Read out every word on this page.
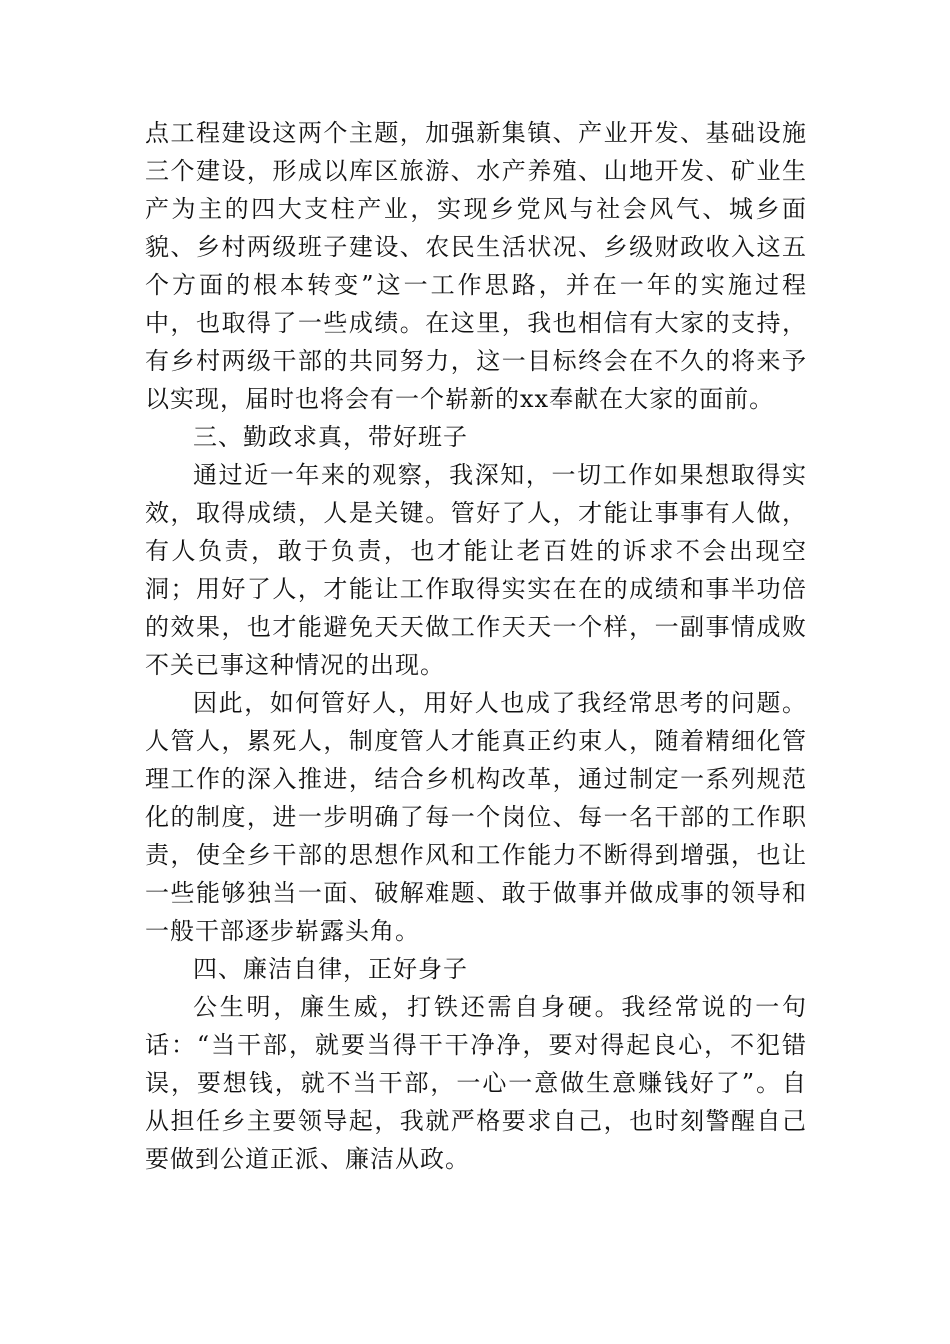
点工程建设这两个主题，加强新集镇、产业开发、基础设施三个建设，形成以库区旅游、水产养殖、山地开发、矿业生产为主的四大支柱产业，实现乡党风与社会风气、城乡面貌、乡村两级班子建设、农民生活状况、乡级财政收入这五个方面的根本转变”这一工作思路，并在一年的实施过程中，也取得了一些成绩。在这里，我也相信有大家的支持，有乡村两级干部的共同努力，这一目标终会在不久的将来予以实现，届时也将会有一个崭新的xx奉献在大家的面前。

三、勤政求真，带好班子

通过近一年来的观察，我深知，一切工作如果想取得实效，取得成绩，人是关键。管好了人，才能让事事有人做，有人负责，敢于负责，也才能让老百姓的诉求不会出现空洞；用好了人，才能让工作取得实实在在的成绩和事半功倍的效果，也才能避免天天做工作天天一个样，一副事情成败不关已事这种情况的出现。

因此，如何管好人，用好人也成了我经常思考的问题。人管人，累死人，制度管人才能真正约束人，随着精细化管理工作的深入推进，结合乡机构改革，通过制定一系列规范化的制度，进一步明确了每一个岗位、每一名干部的工作职责，使全乡干部的思想作风和工作能力不断得到增强，也让一些能够独当一面、破解难题、敢于做事并做成事的领导和一般干部逐步崭露头角。

四、廉洁自律，正好身子

公生明，廉生威，打铁还需自身硬。我经常说的一句话：“当干部，就要当得干干净净，要对得起良心，不犯错误，要想钱，就不当干部，一心一意做生意赚钱好了”。自从担任乡主要领导起，我就严格要求自己，也时刻警醒自己要做到公道正派、廉洁从政。
